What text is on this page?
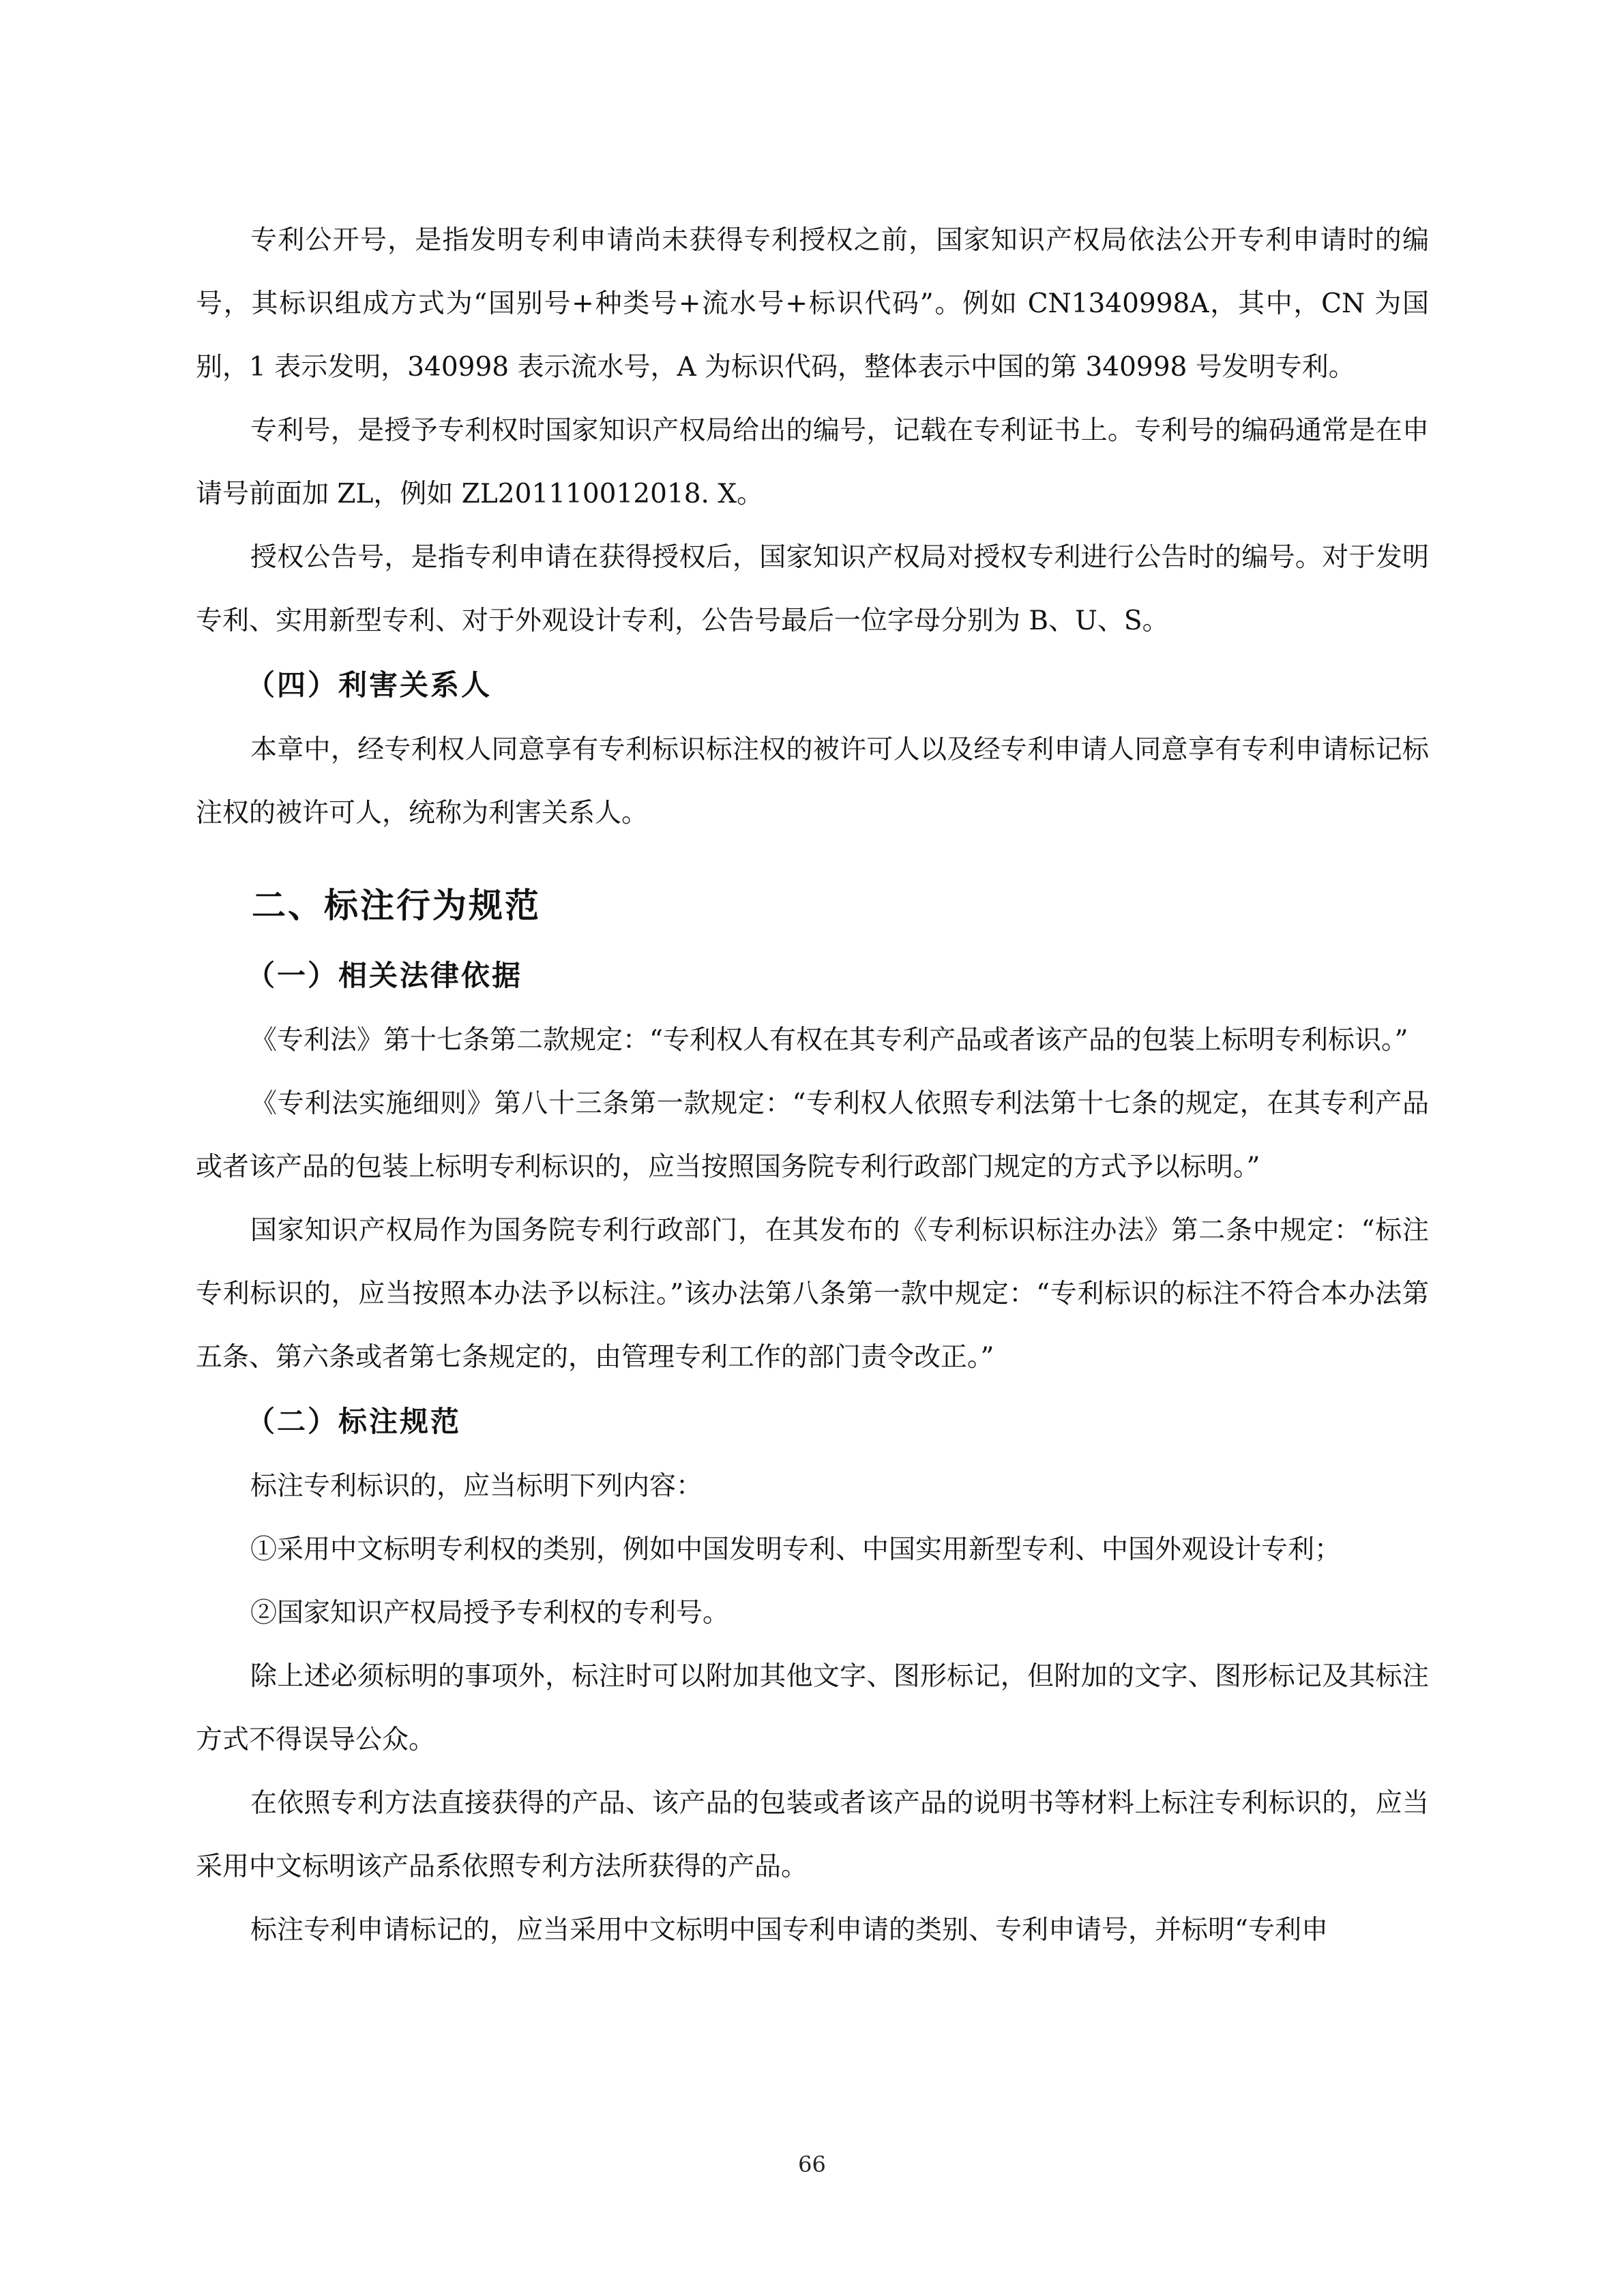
专利公开号，是指发明专利申请尚未获得专利授权之前，国家知识产权局依法公开专利申请时的编号，其标识组成方式为“国别号+种类号+流水号+标识代码”。例如 CN1340998A，其中，CN 为国别，1 表示发明，340998 表示流水号，A 为标识代码，整体表示中国的第 340998 号发明专利。

专利号，是授予专利权时国家知识产权局给出的编号，记载在专利证书上。专利号的编码通常是在申请号前面加 ZL，例如 ZL201110012018. X。

授权公告号，是指专利申请在获得授权后，国家知识产权局对授权专利进行公告时的编号。对于发明专利、实用新型专利、对于外观设计专利，公告号最后一位字母分别为 B、U、S。

（四）利害关系人

本章中，经专利权人同意享有专利标识标注权的被许可人以及经专利申请人同意享有专利申请标记标注权的被许可人，统称为利害关系人。

二、标注行为规范
（一）相关法律依据

《专利法》第十七条第二款规定：“专利权人有权在其专利产品或者该产品的包装上标明专利标识。”

《专利法实施细则》第八十三条第一款规定：“专利权人依照专利法第十七条的规定，在其专利产品或者该产品的包装上标明专利标识的，应当按照国务院专利行政部门规定的方式予以标明。”

国家知识产权局作为国务院专利行政部门，在其发布的《专利标识标注办法》第二条中规定：“标注专利标识的，应当按照本办法予以标注。”该办法第八条第一款中规定：“专利标识的标注不符合本办法第五条、第六条或者第七条规定的，由管理专利工作的部门责令改正。”

（二）标注规范

标注专利标识的，应当标明下列内容：

①采用中文标明专利权的类别，例如中国发明专利、中国实用新型专利、中国外观设计专利；

②国家知识产权局授予专利权的专利号。

除上述必须标明的事项外，标注时可以附加其他文字、图形标记，但附加的文字、图形标记及其标注方式不得误导公众。

在依照专利方法直接获得的产品、该产品的包装或者该产品的说明书等材料上标注专利标识的，应当采用中文标明该产品系依照专利方法所获得的产品。

标注专利申请标记的，应当采用中文标明中国专利申请的类别、专利申请号，并标明“专利申

66
